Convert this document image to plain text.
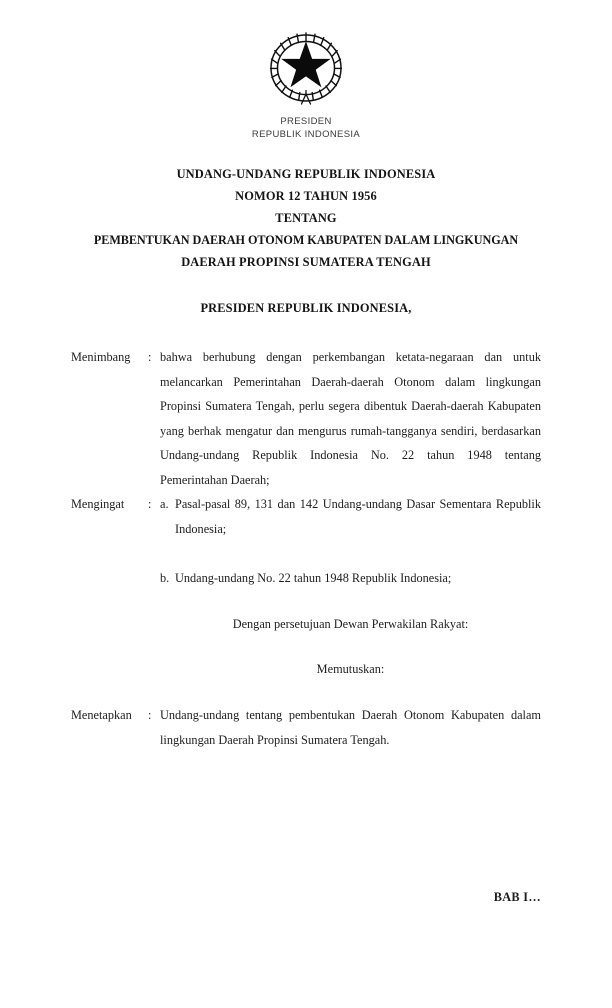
PRESIDEN
REPUBLIK INDONESIA
UNDANG-UNDANG REPUBLIK INDONESIA
NOMOR 12 TAHUN 1956
TENTANG
PEMBENTUKAN DAERAH OTONOM KABUPATEN DALAM LINGKUNGAN
DAERAH PROPINSI SUMATERA TENGAH
PRESIDEN REPUBLIK INDONESIA,
Menimbang	: bahwa berhubung dengan perkembangan ketata-negaraan dan untuk melancarkan Pemerintahan Daerah-daerah Otonom dalam lingkungan Propinsi Sumatera Tengah, perlu segera dibentuk Daerah-daerah Kabupaten yang berhak mengatur dan mengurus rumah-tangganya sendiri, berdasarkan Undang-undang Republik Indonesia No. 22 tahun 1948 tentang Pemerintahan Daerah;

Mengingat	: a. Pasal-pasal 89, 131 dan 142 Undang-undang Dasar Sementara Republik Indonesia;
b. Undang-undang No. 22 tahun 1948 Republik Indonesia;
Dengan persetujuan Dewan Perwakilan Rakyat:
Memutuskan:
Menetapkan	: Undang-undang tentang pembentukan Daerah Otonom Kabupaten dalam lingkungan Daerah Propinsi Sumatera Tengah.

BAB I…
